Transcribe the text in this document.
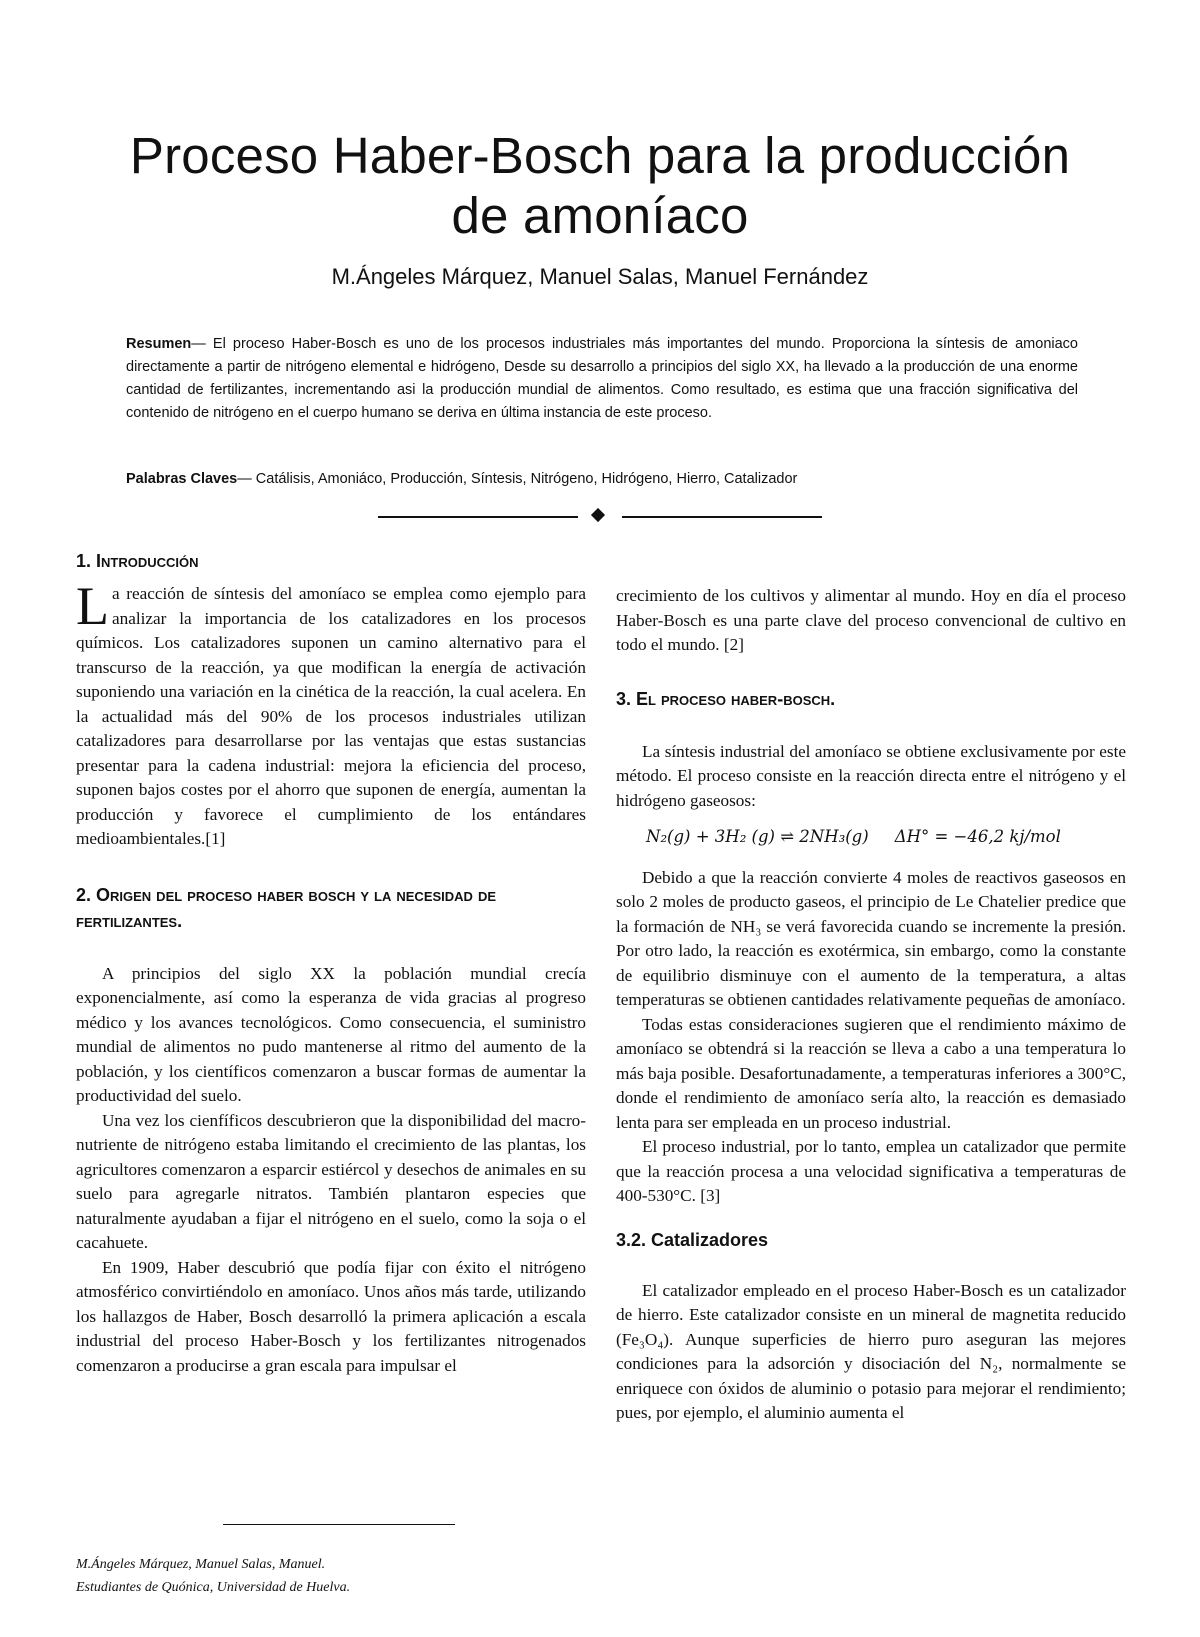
Proceso Haber-Bosch para la producción
de amoníaco
M.Ángeles Márquez, Manuel Salas, Manuel Fernández
Resumen— El proceso Haber-Bosch es uno de los procesos industriales más importantes del mundo. Proporciona la síntesis de amoniaco directamente a partir de nitrógeno elemental e hidrógeno, Desde su desarrollo a principios del siglo XX, ha llevado a la producción de una enorme cantidad de fertilizantes, incrementando asi la producción mundial de alimentos. Como resultado, es estima que una fracción significativa del contenido de nitrógeno en el cuerpo humano se deriva en última instancia de este proceso.
Palabras Claves— Catálisis, Amoniáco, Producción, Síntesis, Nitrógeno, Hidrógeno, Hierro, Catalizador
1. Introducción

La reacción de síntesis del amoníaco se emplea como ejemplo para analizar la importancia de los catalizadores en los procesos químicos. Los catalizadores suponen un camino alternativo para el transcurso de la reacción, ya que modifican la energía de activación suponiendo una variación en la cinética de la reacción, la cual acelera. En la actualidad más del 90% de los procesos industriales utilizan catalizadores para desarrollarse por las ventajas que estas sustancias presentar para la cadena industrial: mejora la eficiencia del proceso, suponen bajos costes por el ahorro que suponen de energía, aumentan la producción y favorece el cumplimiento de los entándares medioambientales.[1]

2. Origen del proceso haber bosch y la necesidad de fertilizantes.

A principios del siglo XX la población mundial crecía exponencialmente, así como la esperanza de vida gracias al progreso médico y los avances tecnológicos. Como consecuencia, el suministro mundial de alimentos no pudo mantenerse al ritmo del aumento de la población, y los científicos comenzaron a buscar formas de aumentar la productividad del suelo.

Una vez los cienfíficos descubrieron que la disponibilidad del macro-nutriente de nitrógeno estaba limitando el crecimiento de las plantas, los agricultores comenzaron a esparcir estiércol y desechos de animales en su suelo para agregarle nitratos. También plantaron especies que naturalmente ayudaban a fijar el nitrógeno en el suelo, como la soja o el cacahuete.

En 1909, Haber descubrió que podía fijar con éxito el nitrógeno atmosférico convirtiéndolo en amoníaco. Unos años más tarde, utilizando los hallazgos de Haber, Bosch desarrolló la primera aplicación a escala industrial del proceso Haber-Bosch y los fertilizantes nitrogenados comenzaron a producirse a gran escala para impulsar el

crecimiento de los cultivos y alimentar al mundo. Hoy en día el proceso Haber-Bosch es una parte clave del proceso convencional de cultivo en todo el mundo. [2]

3. El proceso haber-bosch.

La síntesis industrial del amoníaco se obtiene exclusivamente por este método. El proceso consiste en la reacción directa entre el nitrógeno y el hidrógeno gaseosos:

N₂(g) + 3H₂ (g) ⇌ 2NH₃(g) ΔH° = −46,2 kj/mol

Debido a que la reacción convierte 4 moles de reactivos gaseosos en solo 2 moles de producto gaseos, el principio de Le Chatelier predice que la formación de NH₃ se verá favorecida cuando se incremente la presión. Por otro lado, la reacción es exotérmica, sin embargo, como la constante de equilibrio disminuye con el aumento de la temperatura, a altas temperaturas se obtienen cantidades relativamente pequeñas de amoníaco.

Todas estas consideraciones sugieren que el rendimiento máximo de amoníaco se obtendrá si la reacción se lleva a cabo a una temperatura lo más baja posible. Desafortunadamente, a temperaturas inferiores a 300°C, donde el rendimiento de amoníaco sería alto, la reacción es demasiado lenta para ser empleada en un proceso industrial.

El proceso industrial, por lo tanto, emplea un catalizador que permite que la reacción procesa a una velocidad significativa a temperaturas de 400-530°C. [3]

3.2. Catalizadores

El catalizador empleado en el proceso Haber-Bosch es un catalizador de hierro. Este catalizador consiste en un mineral de magnetita reducido (Fe₃O₄). Aunque superficies de hierro puro aseguran las mejores condiciones para la adsorción y disociación del N₂, normalmente se enriquece con óxidos de aluminio o potasio para mejorar el rendimiento; pues, por ejemplo, el aluminio aumenta el

M.Ángeles Márquez, Manuel Salas, Manuel.
Estudiantes de Quónica, Universidad de Huelva.
